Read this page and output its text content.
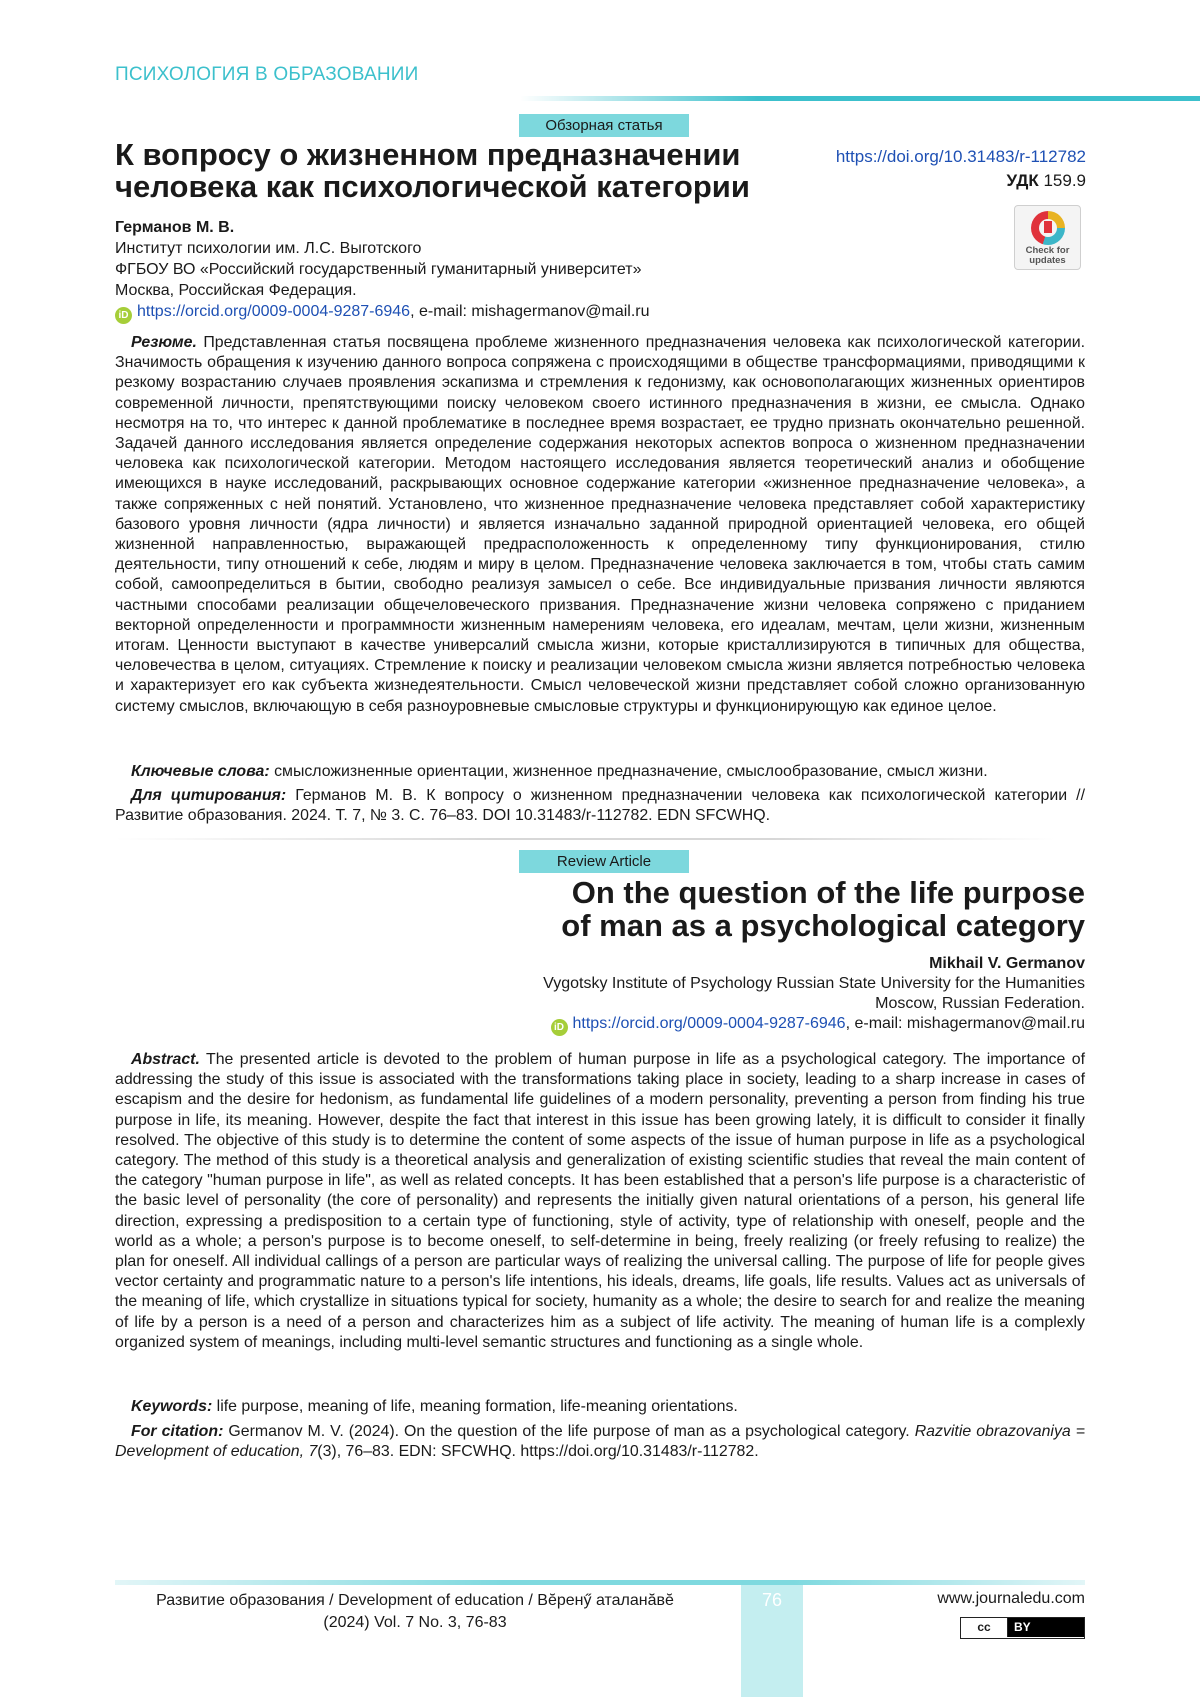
ПСИХОЛОГИЯ В ОБРАЗОВАНИИ
Обзорная статья
К вопросу о жизненном предназначении
человека как психологической категории
https://doi.org/10.31483/r-112782
УДК 159.9
Check for
updates
Германов М. В.
Институт психологии им. Л.С. Выготского
ФГБОУ ВО «Российский государственный гуманитарный университет»
Москва, Российская Федерация.
iD https://orcid.org/0009-0004-9287-6946, e-mail: mishagermanov@mail.ru
Резюме. Представленная статья посвящена проблеме жизненного предназначения человека как психологической категории. Значимость обращения к изучению данного вопроса сопряжена с происходящими в обществе трансформациями, приводящими к резкому возрастанию случаев проявления эскапизма и стремления к гедонизму, как основополагающих жизненных ориентиров современной личности, препятствующими поиску человеком своего истинного предназначения в жизни, ее смысла. Однако несмотря на то, что интерес к данной проблематике в последнее время возрастает, ее трудно признать окончательно решенной. Задачей данного исследования является определение содержания некоторых аспектов вопроса о жизненном предназначении человека как психологической категории. Методом настоящего исследования является теоретический анализ и обобщение имеющихся в науке исследований, раскрывающих основное содержание категории «жизненное предназначение человека», а также сопряженных с ней понятий. Установлено, что жизненное предназначение человека представляет собой характеристику базового уровня личности (ядра личности) и является изначально заданной природной ориентацией человека, его общей жизненной направленностью, выражающей предрасположенность к определенному типу функционирования, стилю деятельности, типу отношений к себе, людям и миру в целом. Предназначение человека заключается в том, чтобы стать самим собой, самоопределиться в бытии, свободно реализуя замысел о себе. Все индивидуальные призвания личности являются частными способами реализации общечеловеческого призвания. Предназначение жизни человека сопряжено с приданием векторной определенности и программности жизненным намерениям человека, его идеалам, мечтам, цели жизни, жизненным итогам. Ценности выступают в качестве универсалий смысла жизни, которые кристаллизируются в типичных для общества, человечества в целом, ситуациях. Стремление к поиску и реализации человеком смысла жизни является потребностью человека и характеризует его как субъекта жизнедеятельности. Смысл человеческой жизни представляет собой сложно организованную систему смыслов, включающую в себя разноуровневые смысловые структуры и функционирующую как единое целое.
Ключевые слова: смысложизненные ориентации, жизненное предназначение, смыслообразование, смысл жизни.
Для цитирования: Германов М. В. К вопросу о жизненном предназначении человека как психологической категории // Развитие образования. 2024. Т. 7, № 3. С. 76–83. DOI 10.31483/r-112782. EDN SFCWHQ.
Review Article
On the question of the life purpose
of man as a psychological category
Mikhail V. Germanov
Vygotsky Institute of Psychology Russian State University for the Humanities
Moscow, Russian Federation.
iD https://orcid.org/0009-0004-9287-6946, e-mail: mishagermanov@mail.ru
Abstract. The presented article is devoted to the problem of human purpose in life as a psychological category. The importance of addressing the study of this issue is associated with the transformations taking place in society, leading to a sharp increase in cases of escapism and the desire for hedonism, as fundamental life guidelines of a modern personality, preventing a person from finding his true purpose in life, its meaning. However, despite the fact that interest in this issue has been growing lately, it is difficult to consider it finally resolved. The objective of this study is to determine the content of some aspects of the issue of human purpose in life as a psychological category. The method of this study is a theoretical analysis and generalization of existing scientific studies that reveal the main content of the category "human purpose in life", as well as related concepts. It has been established that a person's life purpose is a characteristic of the basic level of personality (the core of personality) and represents the initially given natural orientations of a person, his general life direction, expressing a predisposition to a certain type of functioning, style of activity, type of relationship with oneself, people and the world as a whole; a person's purpose is to become oneself, to self-determine in being, freely realizing (or freely refusing to realize) the plan for oneself. All individual callings of a person are particular ways of realizing the universal calling. The purpose of life for people gives vector certainty and programmatic nature to a person's life intentions, his ideals, dreams, life goals, life results. Values act as universals of the meaning of life, which crystallize in situations typical for society, humanity as a whole; the desire to search for and realize the meaning of life by a person is a need of a person and characterizes him as a subject of life activity. The meaning of human life is a complexly organized system of meanings, including multi-level semantic structures and functioning as a single whole.
Keywords: life purpose, meaning of life, meaning formation, life-meaning orientations.
For citation: Germanov M. V. (2024). On the question of the life purpose of man as a psychological category. Razvitie obrazovaniya = Development of education, 7(3), 76–83. EDN: SFCWHQ. https://doi.org/10.31483/r-112782.
76
Развитие образования / Development of education / Вĕренӳ аталанăвĕ
(2024) Vol. 7 No. 3, 76-83
www.journaledu.com
cc	BY
